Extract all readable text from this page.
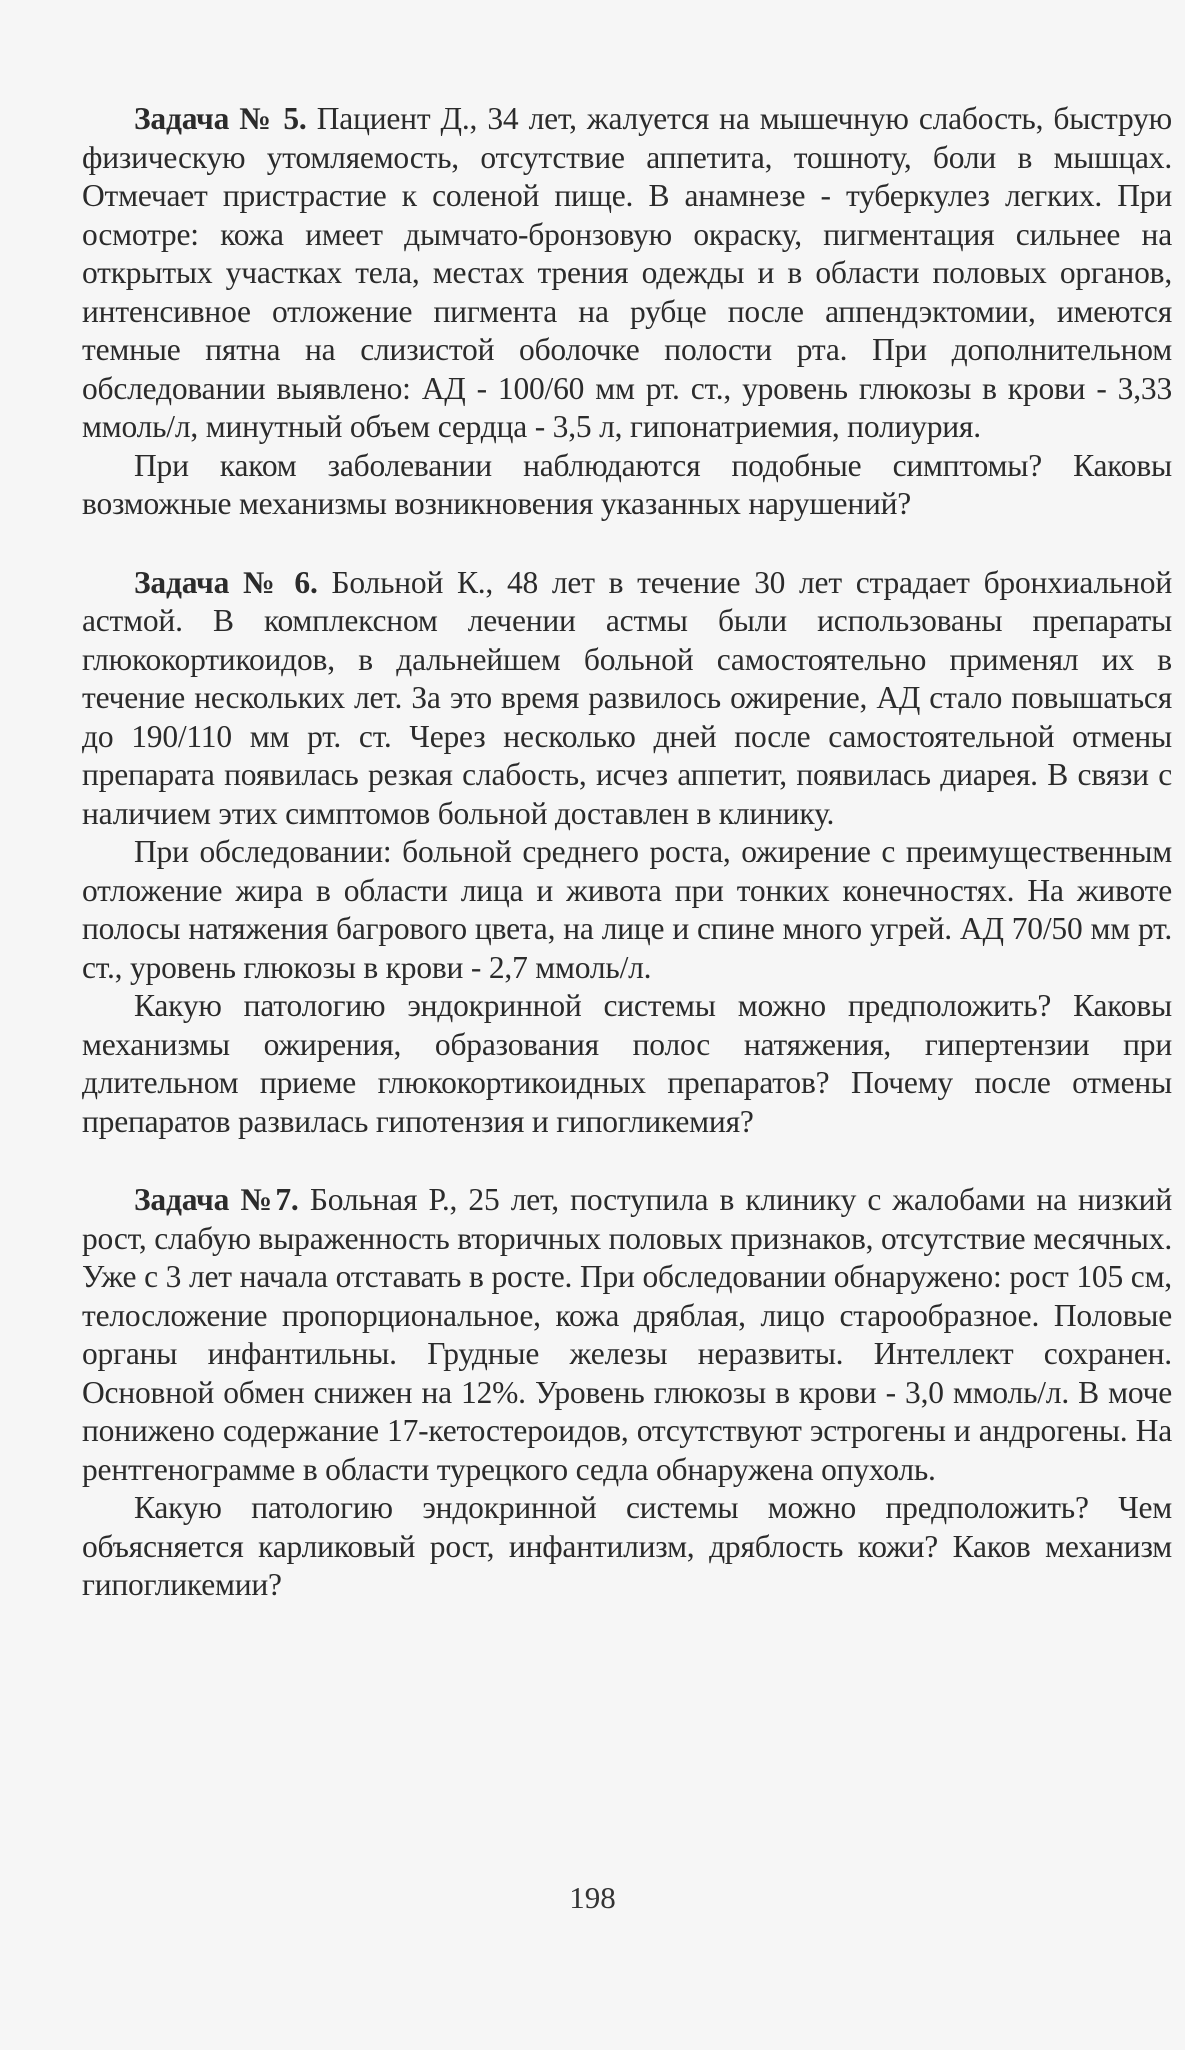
Задача № 5. Пациент Д., 34 лет, жалуется на мышечную слабость, быструю физическую утомляемость, отсутствие аппетита, тошноту, боли в мышцах. Отмечает пристрастие к соленой пище. В анамнезе - туберкулез легких. При осмотре: кожа имеет дымчато-бронзовую окраску, пигментация сильнее на открытых участках тела, местах трения одежды и в области половых органов, интенсивное отложение пигмента на рубце после аппендэктомии, имеются темные пятна на слизистой оболочке полости рта. При дополнительном обследовании выявлено: АД - 100/60 мм рт. ст., уровень глюкозы в крови - 3,33 ммоль/л, минутный объем сердца - 3,5 л, гипонатриемия, полиурия.

При каком заболевании наблюдаются подобные симптомы? Каковы возможные механизмы возникновения указанных нарушений?

Задача № 6. Больной К., 48 лет в течение 30 лет страдает бронхиальной астмой. В комплексном лечении астмы были использованы препараты глюкокортикоидов, в дальнейшем больной самостоятельно применял их в течение нескольких лет. За это время развилось ожирение, АД стало повышаться до 190/110 мм рт. ст. Через несколько дней после самостоятельной отмены препарата появилась резкая слабость, исчез аппетит, появилась диарея. В связи с наличием этих симптомов больной доставлен в клинику.

При обследовании: больной среднего роста, ожирение с преимущественным отложение жира в области лица и живота при тонких конечностях. На животе полосы натяжения багрового цвета, на лице и спине много угрей. АД 70/50 мм рт. ст., уровень глюкозы в крови - 2,7 ммоль/л.

Какую патологию эндокринной системы можно предположить? Каковы механизмы ожирения, образования полос натяжения, гипертензии при длительном приеме глюкокортикоидных препаратов? Почему после отмены препаратов развилась гипотензия и гипогликемия?

Задача №7. Больная Р., 25 лет, поступила в клинику с жалобами на низкий рост, слабую выраженность вторичных половых признаков, отсутствие месячных. Уже с 3 лет начала отставать в росте. При обследовании обнаружено: рост 105 см, телосложение пропорциональное, кожа дряблая, лицо старообразное. Половые органы инфантильны. Грудные железы неразвиты. Интеллект сохранен. Основной обмен снижен на 12%. Уровень глюкозы в крови - 3,0 ммоль/л. В моче понижено содержание 17-кетостероидов, отсутствуют эстрогены и андрогены. На рентгенограмме в области турецкого седла обнаружена опухоль.

Какую патологию эндокринной системы можно предположить? Чем объясняется карликовый рост, инфантилизм, дряблость кожи? Каков механизм гипогликемии?

198
